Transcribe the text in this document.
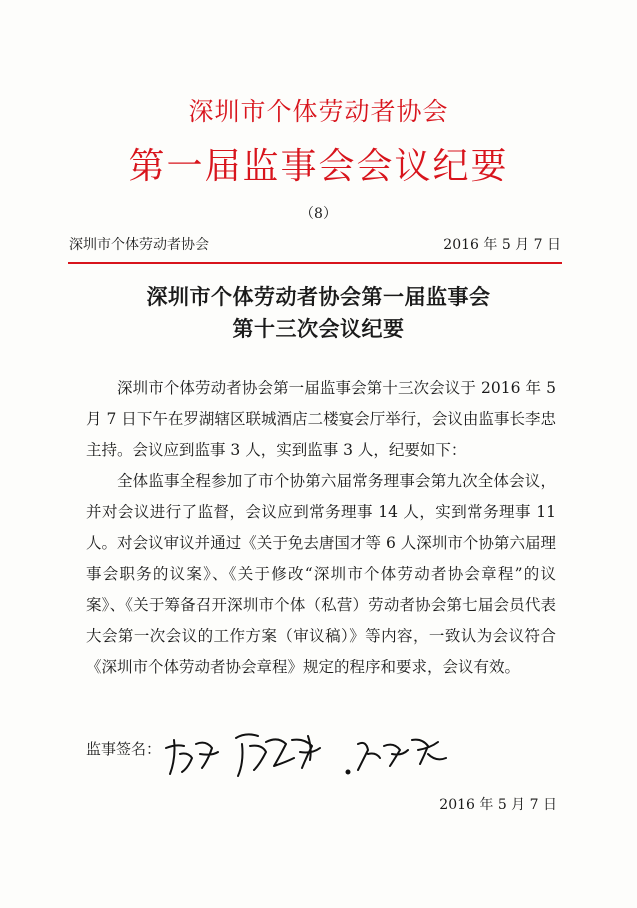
深圳市个体劳动者协会
第一届监事会会议纪要
（8）
深圳市个体劳动者协会	2016 年 5 月 7 日
深圳市个体劳动者协会第一届监事会
第十三次会议纪要

深圳市个体劳动者协会第一届监事会第十三次会议于 2016 年 5 月 7 日下午在罗湖辖区联城酒店二楼宴会厅举行，会议由监事长李忠主持。会议应到监事 3 人，实到监事 3 人，纪要如下：

全体监事全程参加了市个协第六届常务理事会第九次全体会议，并对会议进行了监督，会议应到常务理事 14 人，实到常务理事 11 人。对会议审议并通过《关于免去唐国才等 6 人深圳市个协第六届理事会职务的议案》、《关于修改“深圳市个体劳动者协会章程”的议案》、《关于筹备召开深圳市个体（私营）劳动者协会第七届会员代表大会第一次会议的工作方案（审议稿）》等内容，一致认为会议符合《深圳市个体劳动者协会章程》规定的程序和要求，会议有效。

监事签名：
2016 年 5 月 7 日
